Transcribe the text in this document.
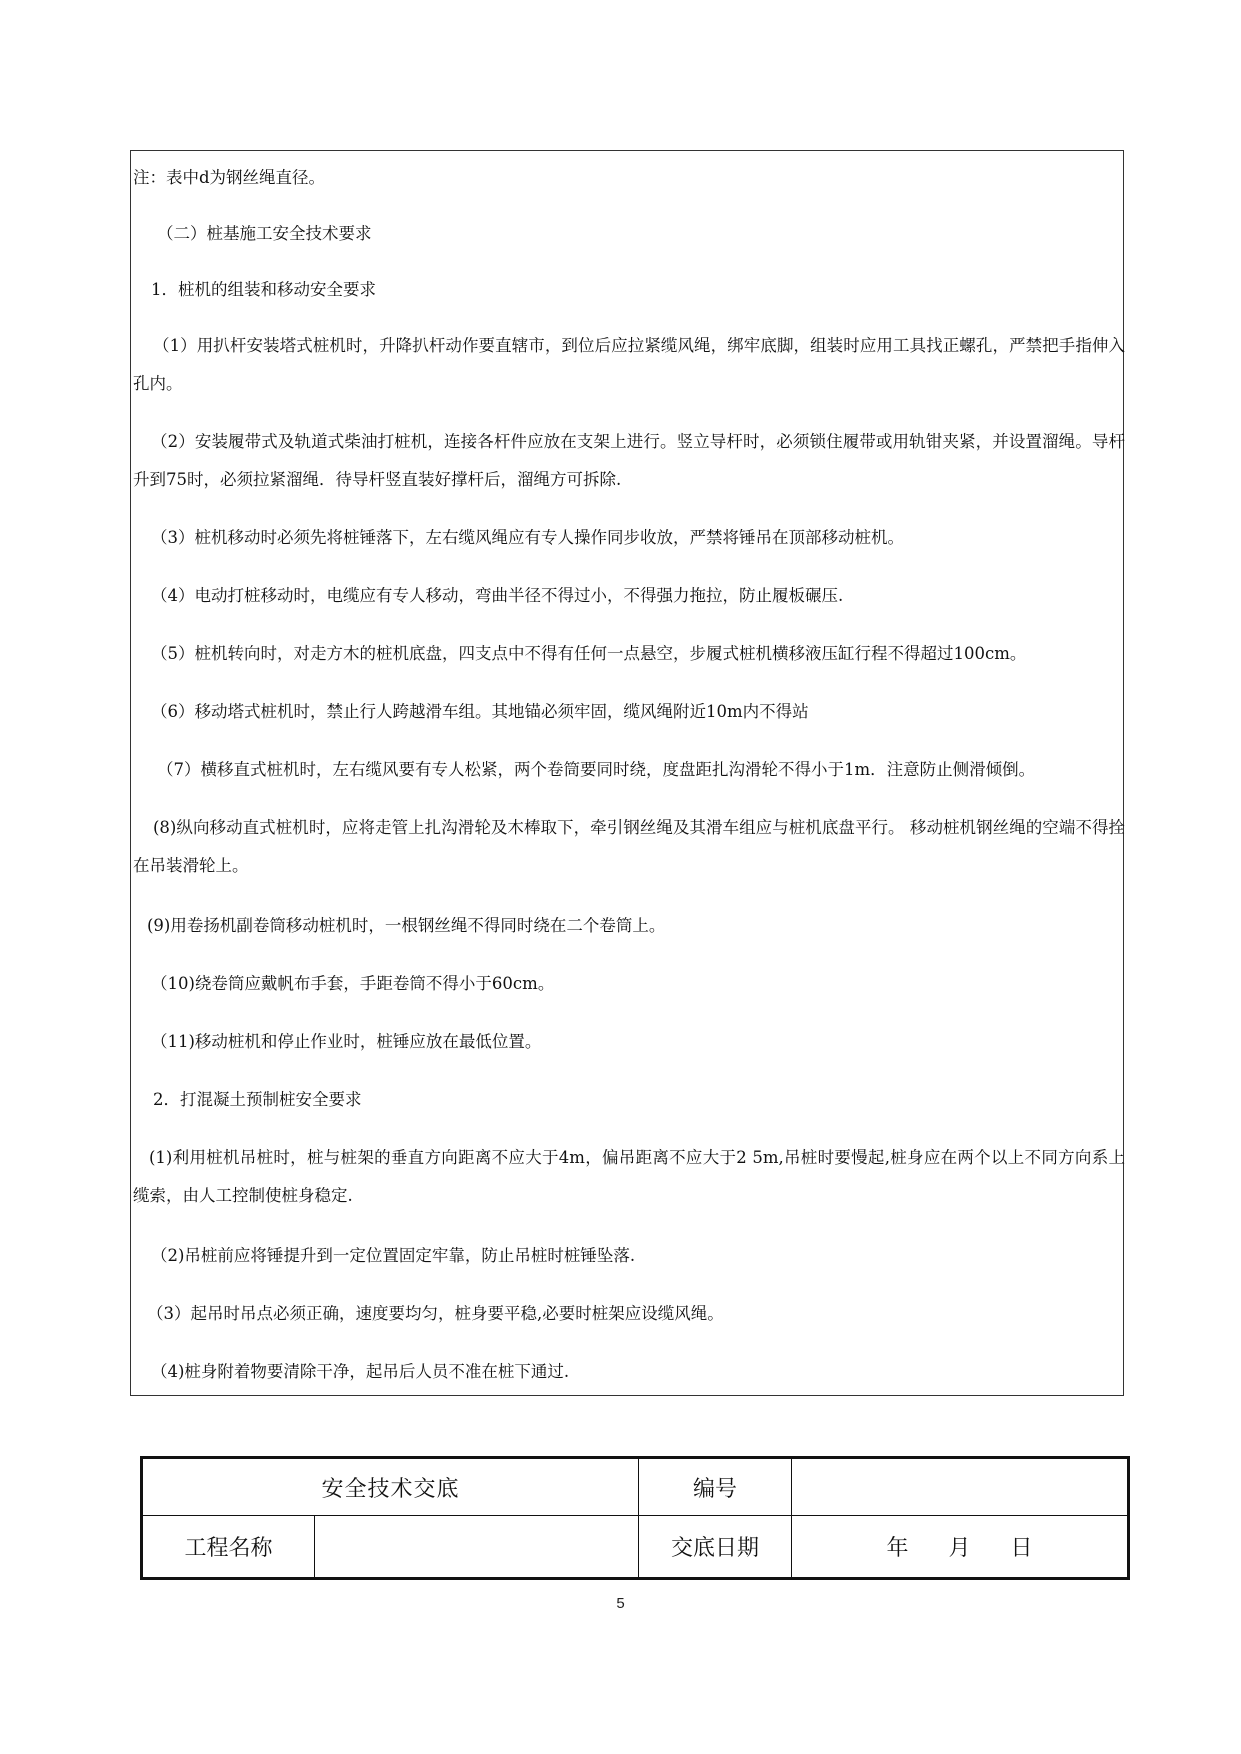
注：表中d为钢丝绳直径。
（二）桩基施工安全技术要求
1．桩机的组装和移动安全要求
（1）用扒杆安装塔式桩机时，升降扒杆动作要直辖市，到位后应拉紧缆风绳，绑牢底脚，组装时应用工具找正螺孔，严禁把手指伸入孔内。
（2）安装履带式及轨道式柴油打桩机，连接各杆件应放在支架上进行。竖立导杆时，必须锁住履带或用轨钳夹紧，并设置溜绳。导杆升到75时，必须拉紧溜绳．待导杆竖直装好撑杆后，溜绳方可拆除.
（3）桩机移动时必须先将桩锤落下，左右缆风绳应有专人操作同步收放，严禁将锤吊在顶部移动桩机。
（4）电动打桩移动时，电缆应有专人移动，弯曲半径不得过小，不得强力拖拉，防止履板碾压.
（5）桩机转向时，对走方木的桩机底盘，四支点中不得有任何一点悬空，步履式桩机横移液压缸行程不得超过100cm。
（6）移动塔式桩机时，禁止行人跨越滑车组。其地锚必须牢固，缆风绳附近10m内不得站
（7）横移直式桩机时，左右缆风要有专人松紧，两个卷筒要同时绕，度盘距扎沟滑轮不得小于1m．注意防止侧滑倾倒。
(8)纵向移动直式桩机时，应将走管上扎沟滑轮及木棒取下，牵引钢丝绳及其滑车组应与桩机底盘平行。 移动桩机钢丝绳的空端不得拴在吊装滑轮上。
(9)用卷扬机副卷筒移动桩机时，一根钢丝绳不得同时绕在二个卷筒上。
（10)绕卷筒应戴帆布手套，手距卷筒不得小于60cm。
（11)移动桩机和停止作业时，桩锤应放在最低位置。
2．打混凝土预制桩安全要求
(1)利用桩机吊桩时，桩与桩架的垂直方向距离不应大于4m，偏吊距离不应大于2 5m,吊桩时要慢起,桩身应在两个以上不同方向系上缆索，由人工控制使桩身稳定.
（2)吊桩前应将锤提升到一定位置固定牢靠，防止吊桩时桩锤坠落.
（3）起吊时吊点必须正确，速度要均匀，桩身要平稳,必要时桩架应设缆风绳。
（4)桩身附着物要清除干净，起吊后人员不准在桩下通过.
安全技术交底		编号	
工程名称		交底日期	年 月 日
5
